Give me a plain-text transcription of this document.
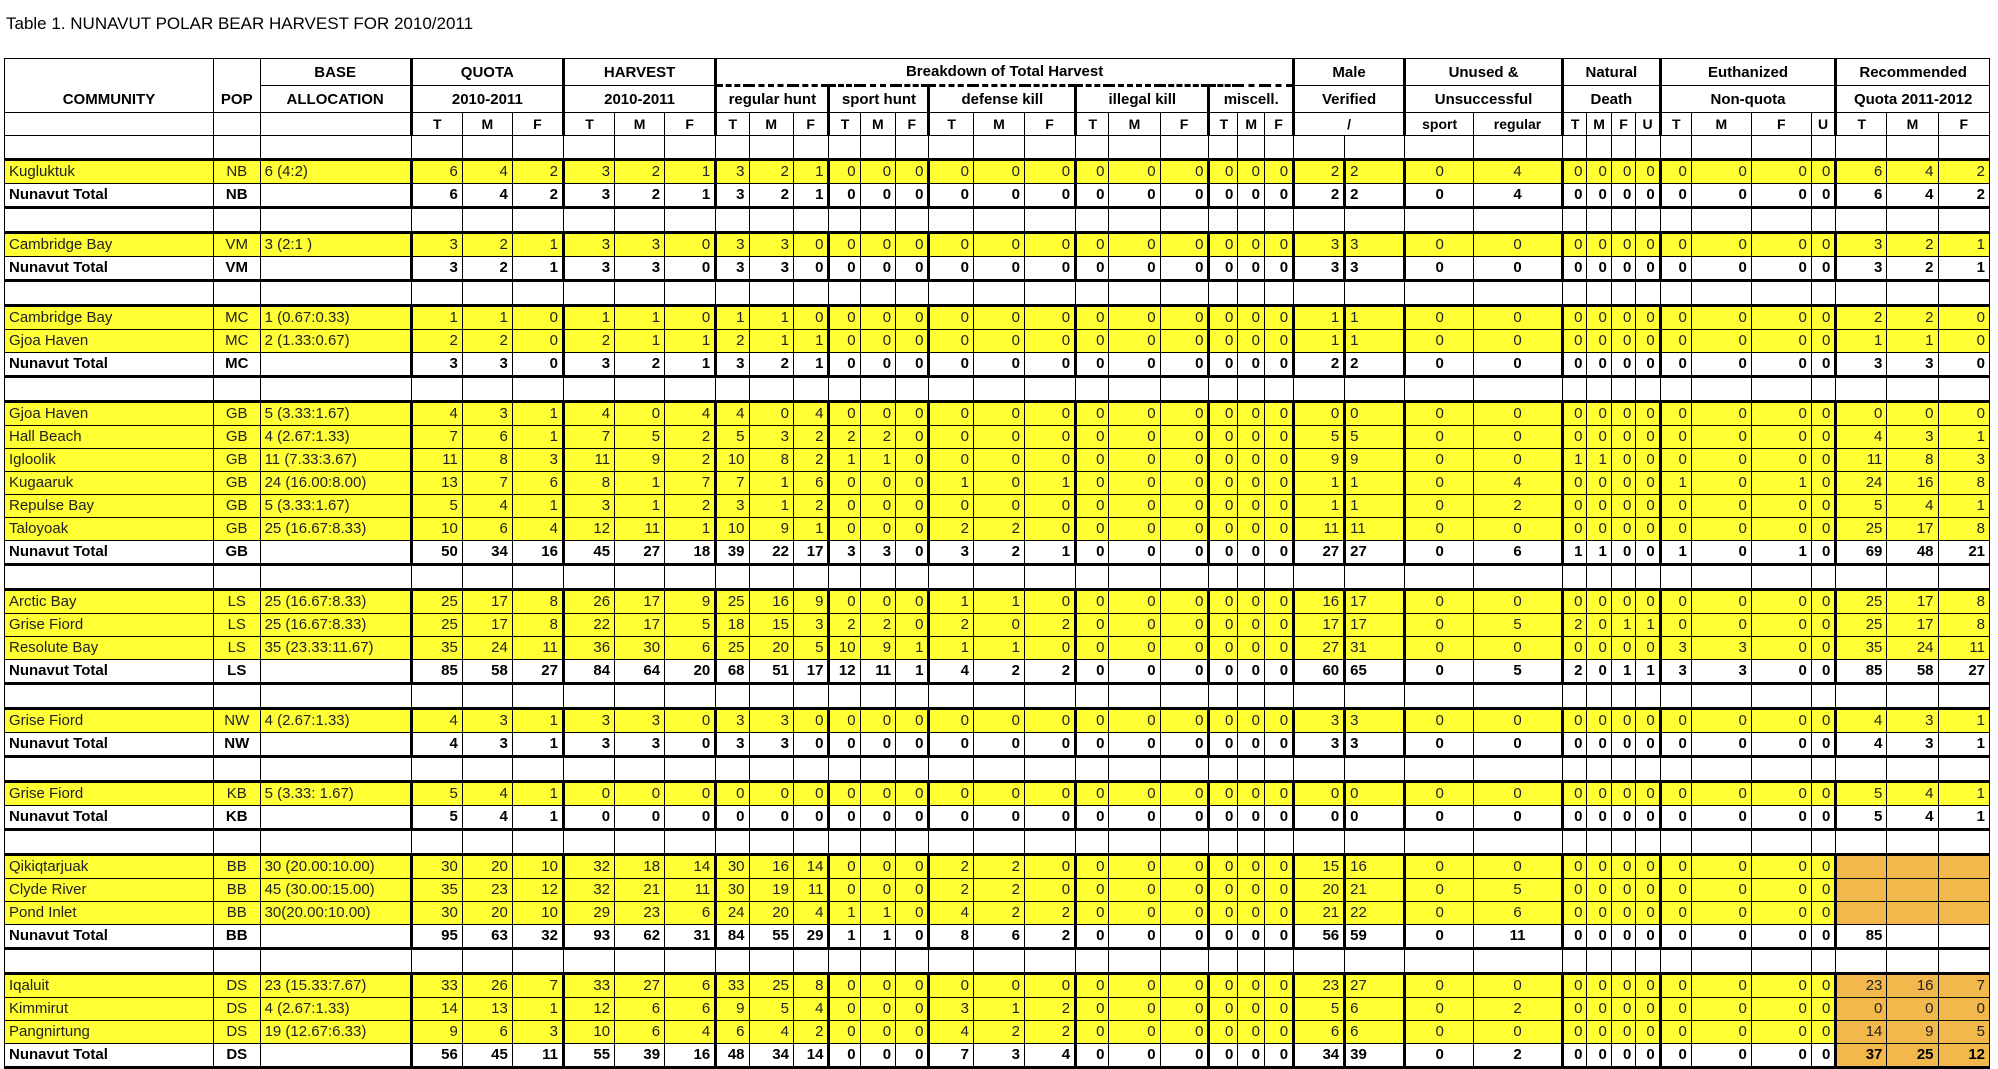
Table 1. NUNAVUT POLAR BEAR HARVEST FOR 2010/2011
COMMUNITY	POP	BASE	QUOTA			HARVEST			Breakdown of Total Harvest															Male		Unused &		Natural				Euthanized				Recommended		
		ALLOCATION	2010-2011			2010-2011			regular hunt			sport hunt			defense kill			illegal kill			miscell.			Verified		Unsuccessful		Death				Non-quota				Quota 2011-2012		
			T	M	F	T	M	F	T	M	F	T	M	F	T	M	F	T	M	F	T	M	F	/		sport	regular	T	M	F	U	T	M	F	U	T	M	F

Kugluktuk	NB	6 (4:2)	6	4	2	3	2	1	3	2	1	0	0	0	0	0	0	0	0	0	0	0	0	2	2	0	4	0	0	0	0	0	0	0	0	6	4	2
Nunavut Total	NB		6	4	2	3	2	1	3	2	1	0	0	0	0	0	0	0	0	0	0	0	0	2	2	0	4	0	0	0	0	0	0	0	0	6	4	2

Cambridge Bay	VM	3 (2:1 )	3	2	1	3	3	0	3	3	0	0	0	0	0	0	0	0	0	0	0	0	0	3	3	0	0	0	0	0	0	0	0	0	0	3	2	1
Nunavut Total	VM		3	2	1	3	3	0	3	3	0	0	0	0	0	0	0	0	0	0	0	0	0	3	3	0	0	0	0	0	0	0	0	0	0	3	2	1

Cambridge Bay	MC	1 (0.67:0.33)	1	1	0	1	1	0	1	1	0	0	0	0	0	0	0	0	0	0	0	0	0	1	1	0	0	0	0	0	0	0	0	0	0	2	2	0
Gjoa Haven	MC	2 (1.33:0.67)	2	2	0	2	1	1	2	1	1	0	0	0	0	0	0	0	0	0	0	0	0	1	1	0	0	0	0	0	0	0	0	0	0	1	1	0
Nunavut Total	MC		3	3	0	3	2	1	3	2	1	0	0	0	0	0	0	0	0	0	0	0	0	2	2	0	0	0	0	0	0	0	0	0	0	3	3	0

Gjoa Haven	GB	5 (3.33:1.67)	4	3	1	4	0	4	4	0	4	0	0	0	0	0	0	0	0	0	0	0	0	0	0	0	0	0	0	0	0	0	0	0	0	0	0	0
Hall Beach	GB	4 (2.67:1.33)	7	6	1	7	5	2	5	3	2	2	2	0	0	0	0	0	0	0	0	0	0	5	5	0	0	0	0	0	0	0	0	0	0	4	3	1
Igloolik	GB	11 (7.33:3.67)	11	8	3	11	9	2	10	8	2	1	1	0	0	0	0	0	0	0	0	0	0	9	9	0	0	1	1	0	0	0	0	0	0	11	8	3
Kugaaruk	GB	24 (16.00:8.00)	13	7	6	8	1	7	7	1	6	0	0	0	1	0	1	0	0	0	0	0	0	1	1	0	4	0	0	0	0	1	0	1	0	24	16	8
Repulse Bay	GB	5 (3.33:1.67)	5	4	1	3	1	2	3	1	2	0	0	0	0	0	0	0	0	0	0	0	0	1	1	0	2	0	0	0	0	0	0	0	0	5	4	1
Taloyoak	GB	25 (16.67:8.33)	10	6	4	12	11	1	10	9	1	0	0	0	2	2	0	0	0	0	0	0	0	11	11	0	0	0	0	0	0	0	0	0	0	25	17	8
Nunavut Total	GB		50	34	16	45	27	18	39	22	17	3	3	0	3	2	1	0	0	0	0	0	0	27	27	0	6	1	1	0	0	1	0	1	0	69	48	21

Arctic Bay	LS	25 (16.67:8.33)	25	17	8	26	17	9	25	16	9	0	0	0	1	1	0	0	0	0	0	0	0	16	17	0	0	0	0	0	0	0	0	0	0	25	17	8
Grise Fiord	LS	25 (16.67:8.33)	25	17	8	22	17	5	18	15	3	2	2	0	2	0	2	0	0	0	0	0	0	17	17	0	5	2	0	1	1	0	0	0	0	25	17	8
Resolute Bay	LS	35 (23.33:11.67)	35	24	11	36	30	6	25	20	5	10	9	1	1	1	0	0	0	0	0	0	0	27	31	0	0	0	0	0	0	3	3	0	0	35	24	11
Nunavut Total	LS		85	58	27	84	64	20	68	51	17	12	11	1	4	2	2	0	0	0	0	0	0	60	65	0	5	2	0	1	1	3	3	0	0	85	58	27

Grise Fiord	NW	4 (2.67:1.33)	4	3	1	3	3	0	3	3	0	0	0	0	0	0	0	0	0	0	0	0	0	3	3	0	0	0	0	0	0	0	0	0	0	4	3	1
Nunavut Total	NW		4	3	1	3	3	0	3	3	0	0	0	0	0	0	0	0	0	0	0	0	0	3	3	0	0	0	0	0	0	0	0	0	0	4	3	1

Grise Fiord	KB	5 (3.33: 1.67)	5	4	1	0	0	0	0	0	0	0	0	0	0	0	0	0	0	0	0	0	0	0	0	0	0	0	0	0	0	0	0	0	0	5	4	1
Nunavut Total	KB		5	4	1	0	0	0	0	0	0	0	0	0	0	0	0	0	0	0	0	0	0	0	0	0	0	0	0	0	0	0	0	0	0	5	4	1

Qikiqtarjuak	BB	30 (20.00:10.00)	30	20	10	32	18	14	30	16	14	0	0	0	2	2	0	0	0	0	0	0	0	15	16	0	0	0	0	0	0	0	0	0	0			
Clyde River	BB	45 (30.00:15.00)	35	23	12	32	21	11	30	19	11	0	0	0	2	2	0	0	0	0	0	0	0	20	21	0	5	0	0	0	0	0	0	0	0			
Pond Inlet	BB	30(20.00:10.00)	30	20	10	29	23	6	24	20	4	1	1	0	4	2	2	0	0	0	0	0	0	21	22	0	6	0	0	0	0	0	0	0	0			
Nunavut Total	BB		95	63	32	93	62	31	84	55	29	1	1	0	8	6	2	0	0	0	0	0	0	56	59	0	11	0	0	0	0	0	0	0	0	85		

Iqaluit	DS	23 (15.33:7.67)	33	26	7	33	27	6	33	25	8	0	0	0	0	0	0	0	0	0	0	0	0	23	27	0	0	0	0	0	0	0	0	0	0	23	16	7
Kimmirut	DS	4 (2.67:1.33)	14	13	1	12	6	6	9	5	4	0	0	0	3	1	2	0	0	0	0	0	0	5	6	0	2	0	0	0	0	0	0	0	0	0	0	0
Pangnirtung	DS	19 (12.67:6.33)	9	6	3	10	6	4	6	4	2	0	0	0	4	2	2	0	0	0	0	0	0	6	6	0	0	0	0	0	0	0	0	0	0	14	9	5
Nunavut Total	DS		56	45	11	55	39	16	48	34	14	0	0	0	7	3	4	0	0	0	0	0	0	34	39	0	2	0	0	0	0	0	0	0	0	37	25	12
